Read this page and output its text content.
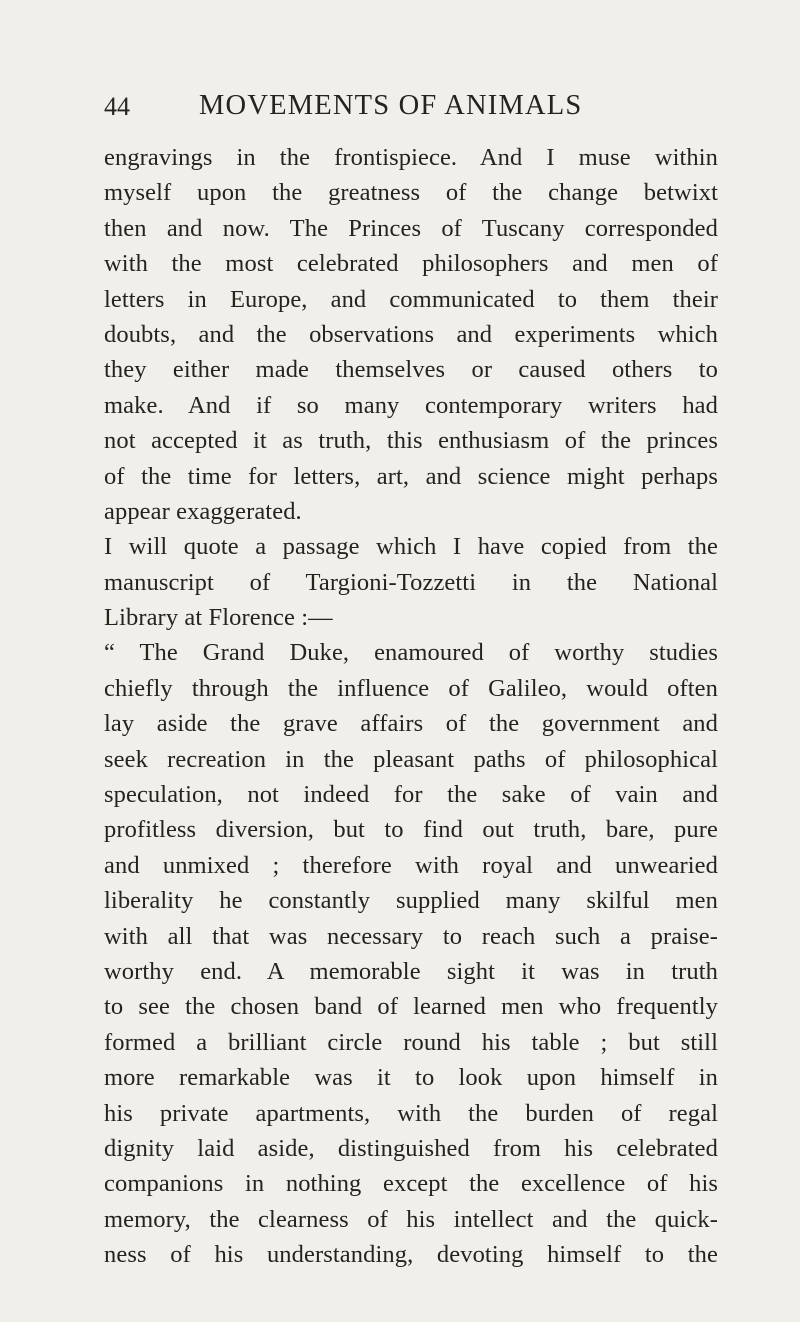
44 MOVEMENTS OF ANIMALS
engravings in the frontispiece. And I muse within
myself upon the greatness of the change betwixt
then and now. The Princes of Tuscany corresponded
with the most celebrated philosophers and men of
letters in Europe, and communicated to them their
doubts, and the observations and experiments which
they either made themselves or caused others to
make. And if so many contemporary writers had
not accepted it as truth, this enthusiasm of the princes
of the time for letters, art, and science might perhaps
appear exaggerated.
I will quote a passage which I have copied from the
manuscript of Targioni-Tozzetti in the National
Library at Florence :—
“ The Grand Duke, enamoured of worthy studies
chiefly through the influence of Galileo, would often
lay aside the grave affairs of the government and
seek recreation in the pleasant paths of philosophical
speculation, not indeed for the sake of vain and
profitless diversion, but to find out truth, bare, pure
and unmixed ; therefore with royal and unwearied
liberality he constantly supplied many skilful men
with all that was necessary to reach such a praise-
worthy end. A memorable sight it was in truth
to see the chosen band of learned men who frequently
formed a brilliant circle round his table ; but still
more remarkable was it to look upon himself in
his private apartments, with the burden of regal
dignity laid aside, distinguished from his celebrated
companions in nothing except the excellence of his
memory, the clearness of his intellect and the quick-
ness of his understanding, devoting himself to the
